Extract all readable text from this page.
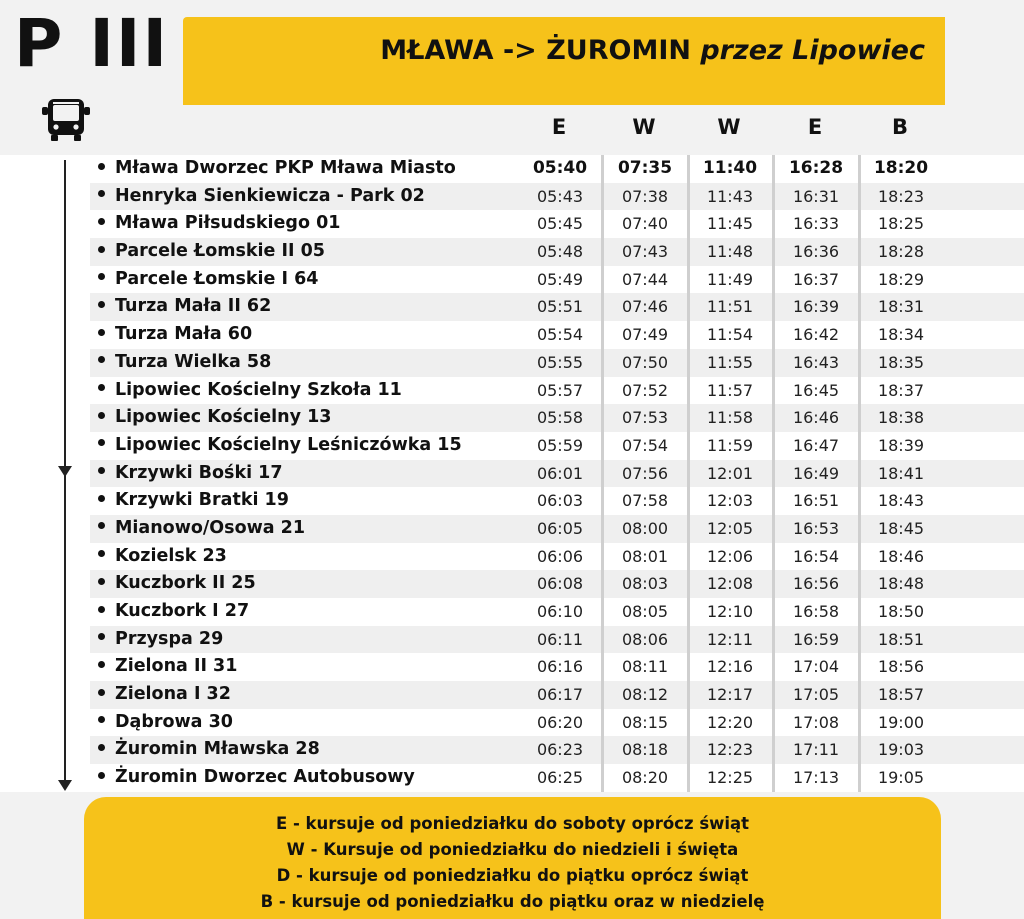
P III	MŁAWA -> ŻUROMIN przez Lipowiec
E	W	W	E	B
Mława Dworzec PKP Mława Miasto	05:40	07:35	11:40	16:28	18:20
Henryka Sienkiewicza - Park 02	05:43	07:38	11:43	16:31	18:23
Mława Piłsudskiego 01	05:45	07:40	11:45	16:33	18:25
Parcele Łomskie II 05	05:48	07:43	11:48	16:36	18:28
Parcele Łomskie I 64	05:49	07:44	11:49	16:37	18:29
Turza Mała II 62	05:51	07:46	11:51	16:39	18:31
Turza Mała 60	05:54	07:49	11:54	16:42	18:34
Turza Wielka 58	05:55	07:50	11:55	16:43	18:35
Lipowiec Kościelny Szkoła 11	05:57	07:52	11:57	16:45	18:37
Lipowiec Kościelny 13	05:58	07:53	11:58	16:46	18:38
Lipowiec Kościelny Leśniczówka 15	05:59	07:54	11:59	16:47	18:39
Krzywki Bośki 17	06:01	07:56	12:01	16:49	18:41
Krzywki Bratki 19	06:03	07:58	12:03	16:51	18:43
Mianowo/Osowa 21	06:05	08:00	12:05	16:53	18:45
Kozielsk 23	06:06	08:01	12:06	16:54	18:46
Kuczbork II 25	06:08	08:03	12:08	16:56	18:48
Kuczbork I 27	06:10	08:05	12:10	16:58	18:50
Przyspa 29	06:11	08:06	12:11	16:59	18:51
Zielona II 31	06:16	08:11	12:16	17:04	18:56
Zielona I 32	06:17	08:12	12:17	17:05	18:57
Dąbrowa 30	06:20	08:15	12:20	17:08	19:00
Żuromin Mławska 28	06:23	08:18	12:23	17:11	19:03
Żuromin Dworzec Autobusowy	06:25	08:20	12:25	17:13	19:05
E - kursuje od poniedziałku do soboty oprócz świąt
W - Kursuje od poniedziałku do niedzieli i święta
D - kursuje od poniedziałku do piątku oprócz świąt
B - kursuje od poniedziałku do piątku oraz w niedzielę
